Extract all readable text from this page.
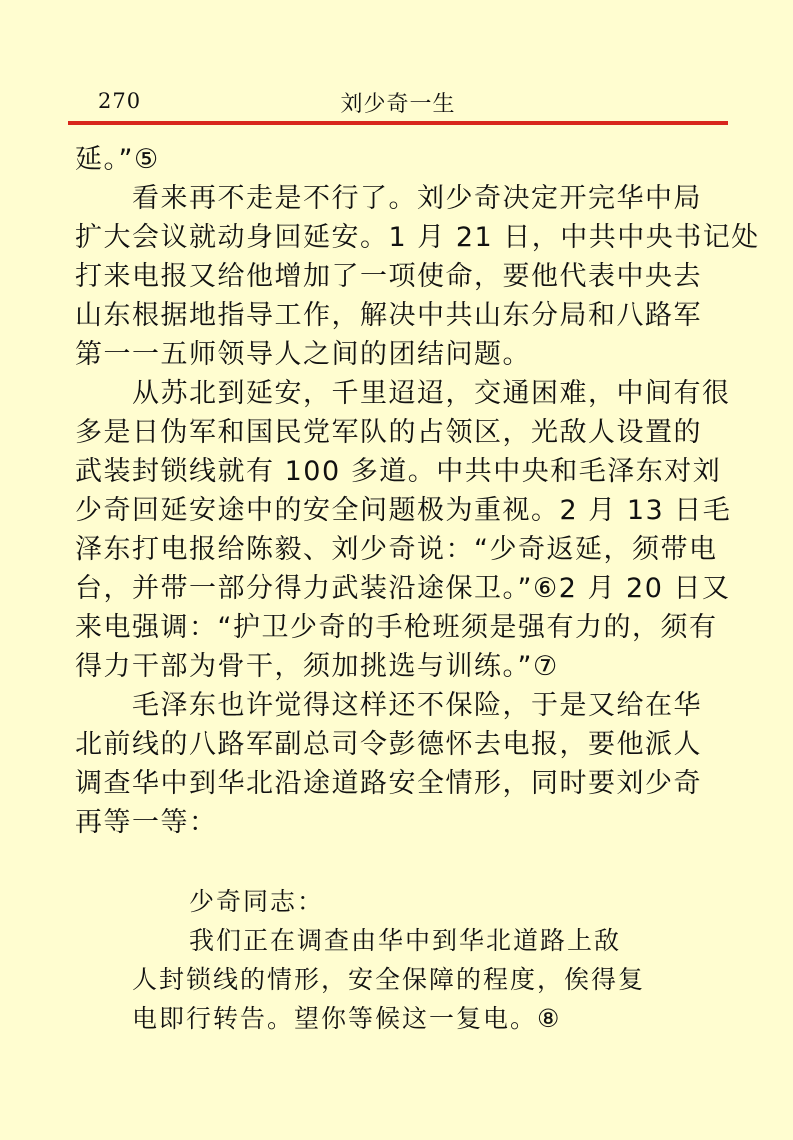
270	刘少奇一生
延。”⑤
看来再不走是不行了。刘少奇决定开完华中局
扩大会议就动身回延安。1 月 21 日，中共中央书记处
打来电报又给他增加了一项使命，要他代表中央去
山东根据地指导工作，解决中共山东分局和八路军
第一一五师领导人之间的团结问题。
从苏北到延安，千里迢迢，交通困难，中间有很
多是日伪军和国民党军队的占领区，光敌人设置的
武装封锁线就有 100 多道。中共中央和毛泽东对刘
少奇回延安途中的安全问题极为重视。2 月 13 日毛
泽东打电报给陈毅、刘少奇说：“少奇返延，须带电
台，并带一部分得力武装沿途保卫。”⑥2 月 20 日又
来电强调：“护卫少奇的手枪班须是强有力的，须有
得力干部为骨干，须加挑选与训练。”⑦
毛泽东也许觉得这样还不保险，于是又给在华
北前线的八路军副总司令彭德怀去电报，要他派人
调查华中到华北沿途道路安全情形，同时要刘少奇
再等一等：
少奇同志：
我们正在调查由华中到华北道路上敌
人封锁线的情形，安全保障的程度，俟得复
电即行转告。望你等候这一复电。⑧
